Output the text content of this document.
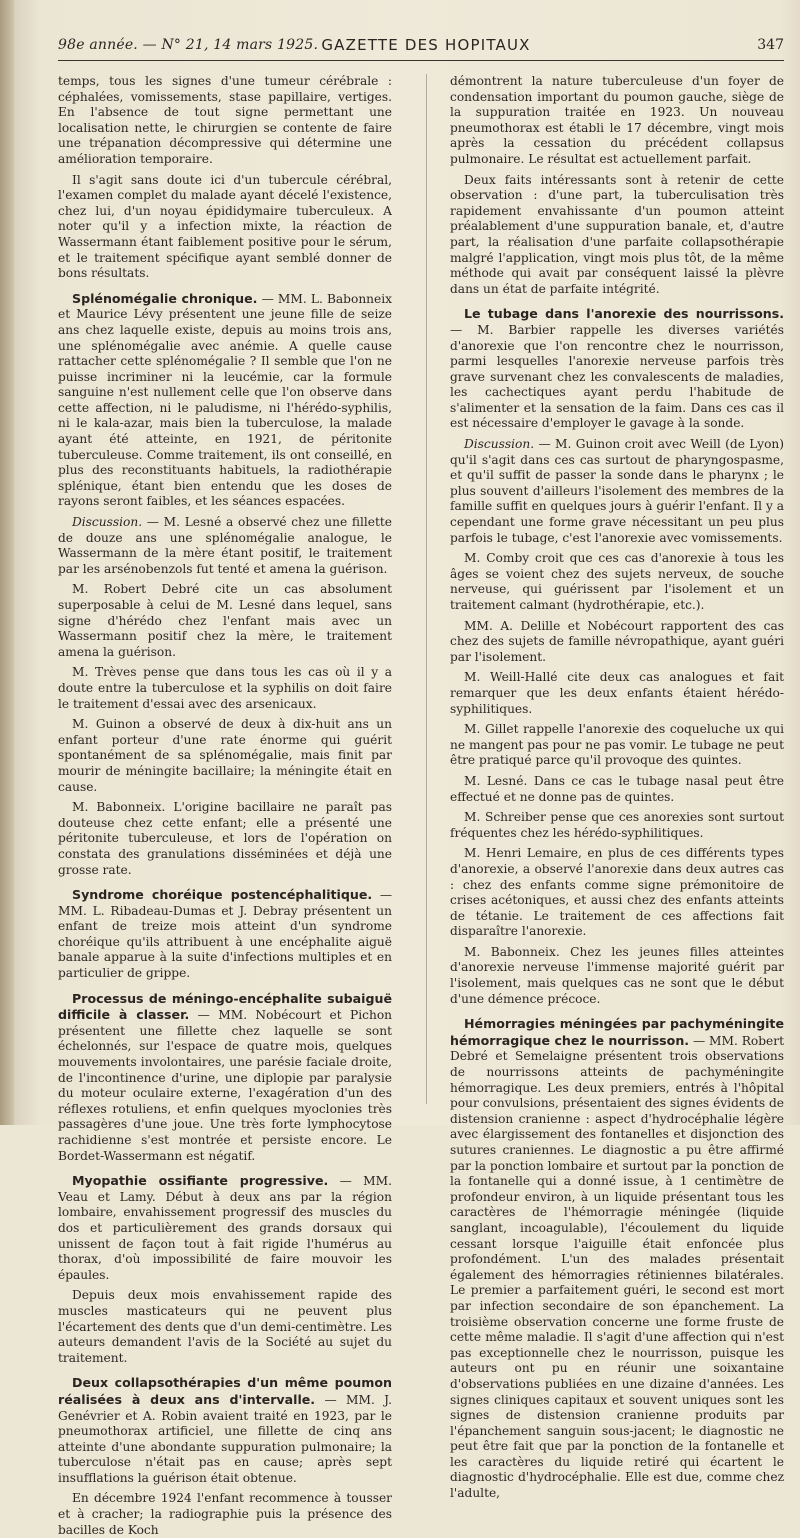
98e année. — N° 21, 14 mars 1925. GAZETTE DES HOPITAUX	347

temps, tous les signes d'une tumeur cérébrale : céphalées, vomissements, stase papillaire, vertiges. En l'absence de tout signe permettant une localisation nette, le chirurgien se contente de faire une trépanation décompressive qui détermine une amélioration temporaire.

Il s'agit sans doute ici d'un tubercule cérébral, l'examen complet du malade ayant décelé l'existence, chez lui, d'un noyau épididymaire tuberculeux. A noter qu'il y a infection mixte, la réaction de Wassermann étant faiblement positive pour le sérum, et le traitement spécifique ayant semblé donner de bons résultats.

Splénomégalie chronique. — MM. L. Babonneix et Maurice Lévy présentent une jeune fille de seize ans chez laquelle existe, depuis au moins trois ans, une splénomégalie avec anémie. A quelle cause rattacher cette splénomégalie ? Il semble que l'on ne puisse incriminer ni la leucémie, car la formule sanguine n'est nullement celle que l'on observe dans cette affection, ni le paludisme, ni l'hérédo-syphilis, ni le kala-azar, mais bien la tuberculose, la malade ayant été atteinte, en 1921, de péritonite tuberculeuse. Comme traitement, ils ont conseillé, en plus des reconstituants habituels, la radiothérapie splénique, étant bien entendu que les doses de rayons seront faibles, et les séances espacées.

Discussion. — M. Lesné a observé chez une fillette de douze ans une splénomégalie analogue, le Wassermann de la mère étant positif, le traitement par les arsénobenzols fut tenté et amena la guérison.

M. Robert Debré cite un cas absolument superposable à celui de M. Lesné dans lequel, sans signe d'hérédo chez l'enfant mais avec un Wassermann positif chez la mère, le traitement amena la guérison.

M. Trèves pense que dans tous les cas où il y a doute entre la tuberculose et la syphilis on doit faire le traitement d'essai avec des arsenicaux.

M. Guinon a observé de deux à dix-huit ans un enfant porteur d'une rate énorme qui guérit spontanément de sa splénomégalie, mais finit par mourir de méningite bacillaire; la méningite était en cause.

M. Babonneix. L'origine bacillaire ne paraît pas douteuse chez cette enfant; elle a présenté une péritonite tuberculeuse, et lors de l'opération on constata des granulations disséminées et déjà une grosse rate.

Syndrome choréique postencéphalitique. — MM. L. Ribadeau-Dumas et J. Debray présentent un enfant de treize mois atteint d'un syndrome choréique qu'ils attribuent à une encéphalite aiguë banale apparue à la suite d'infections multiples et en particulier de grippe.

Processus de méningo-encéphalite subaiguë difficile à classer. — MM. Nobécourt et Pichon présentent une fillette chez laquelle se sont échelonnés, sur l'espace de quatre mois, quelques mouvements involontaires, une parésie faciale droite, de l'incontinence d'urine, une diplopie par paralysie du moteur oculaire externe, l'exagération d'un des réflexes rotuliens, et enfin quelques myoclonies très passagères d'une joue. Une très forte lymphocytose rachidienne s'est montrée et persiste encore. Le Bordet-Wassermann est négatif.

Myopathie ossifiante progressive. — MM. Veau et Lamy. Début à deux ans par la région lombaire, envahissement progressif des muscles du dos et particulièrement des grands dorsaux qui unissent de façon tout à fait rigide l'humérus au thorax, d'où impossibilité de faire mouvoir les épaules.

Depuis deux mois envahissement rapide des muscles masticateurs qui ne peuvent plus l'écartement des dents que d'un demi-centimètre. Les auteurs demandent l'avis de la Société au sujet du traitement.

Deux collapsothérapies d'un même poumon réalisées à deux ans d'intervalle. — MM. J. Genévrier et A. Robin avaient traité en 1923, par le pneumothorax artificiel, une fillette de cinq ans atteinte d'une abondante suppuration pulmonaire; la tuberculose n'était pas en cause; après sept insufflations la guérison était obtenue.

En décembre 1924 l'enfant recommence à tousser et à cracher; la radiographie puis la présence des bacilles de Koch

démontrent la nature tuberculeuse d'un foyer de condensation important du poumon gauche, siège de la suppuration traitée en 1923. Un nouveau pneumothorax est établi le 17 décembre, vingt mois après la cessation du précédent collapsus pulmonaire. Le résultat est actuellement parfait.

Deux faits intéressants sont à retenir de cette observation : d'une part, la tuberculisation très rapidement envahissante d'un poumon atteint préalablement d'une suppuration banale, et, d'autre part, la réalisation d'une parfaite collapsothérapie malgré l'application, vingt mois plus tôt, de la même méthode qui avait par conséquent laissé la plèvre dans un état de parfaite intégrité.

Le tubage dans l'anorexie des nourrissons. — M. Barbier rappelle les diverses variétés d'anorexie que l'on rencontre chez le nourrisson, parmi lesquelles l'anorexie nerveuse parfois très grave survenant chez les convalescents de maladies, les cachectiques ayant perdu l'habitude de s'alimenter et la sensation de la faim. Dans ces cas il est nécessaire d'employer le gavage à la sonde.

Discussion. — M. Guinon croit avec Weill (de Lyon) qu'il s'agit dans ces cas surtout de pharyngospasme, et qu'il suffit de passer la sonde dans le pharynx ; le plus souvent d'ailleurs l'isolement des membres de la famille suffit en quelques jours à guérir l'enfant. Il y a cependant une forme grave nécessitant un peu plus parfois le tubage, c'est l'anorexie avec vomissements.

M. Comby croit que ces cas d'anorexie à tous les âges se voient chez des sujets nerveux, de souche nerveuse, qui guérissent par l'isolement et un traitement calmant (hydrothérapie, etc.).

MM. A. Delille et Nobécourt rapportent des cas chez des sujets de famille névropathique, ayant guéri par l'isolement.

M. Weill-Hallé cite deux cas analogues et fait remarquer que les deux enfants étaient hérédo-syphilitiques.

M. Gillet rappelle l'anorexie des coqueluche ux qui ne mangent pas pour ne pas vomir. Le tubage ne peut être pratiqué parce qu'il provoque des quintes.

M. Lesné. Dans ce cas le tubage nasal peut être effectué et ne donne pas de quintes.

M. Schreiber pense que ces anorexies sont surtout fréquentes chez les hérédo-syphilitiques.

M. Henri Lemaire, en plus de ces différents types d'anorexie, a observé l'anorexie dans deux autres cas : chez des enfants comme signe prémonitoire de crises acétoniques, et aussi chez des enfants atteints de tétanie. Le traitement de ces affections fait disparaître l'anorexie.

M. Babonneix. Chez les jeunes filles atteintes d'anorexie nerveuse l'immense majorité guérit par l'isolement, mais quelques cas ne sont que le début d'une démence précoce.

Hémorragies méningées par pachyméningite hémorragique chez le nourrisson. — MM. Robert Debré et Semelaigne présentent trois observations de nourrissons atteints de pachyméningite hémorragique. Les deux premiers, entrés à l'hôpital pour convulsions, présentaient des signes évidents de distension cranienne : aspect d'hydrocéphalie légère avec élargissement des fontanelles et disjonction des sutures craniennes. Le diagnostic a pu être affirmé par la ponction lombaire et surtout par la ponction de la fontanelle qui a donné issue, à 1 centimètre de profondeur environ, à un liquide présentant tous les caractères de l'hémorragie méningée (liquide sanglant, incoagulable), l'écoulement du liquide cessant lorsque l'aiguille était enfoncée plus profondément. L'un des malades présentait également des hémorragies rétiniennes bilatérales. Le premier a parfaitement guéri, le second est mort par infection secondaire de son épanchement. La troisième observation concerne une forme fruste de cette même maladie. Il s'agit d'une affection qui n'est pas exceptionnelle chez le nourrisson, puisque les auteurs ont pu en réunir une soixantaine d'observations publiées en une dizaine d'années. Les signes cliniques capitaux et souvent uniques sont les signes de distension cranienne produits par l'épanchement sanguin sous-jacent; le diagnostic ne peut être fait que par la ponction de la fontanelle et les caractères du liquide retiré qui écartent le diagnostic d'hydrocéphalie. Elle est due, comme chez l'adulte,
